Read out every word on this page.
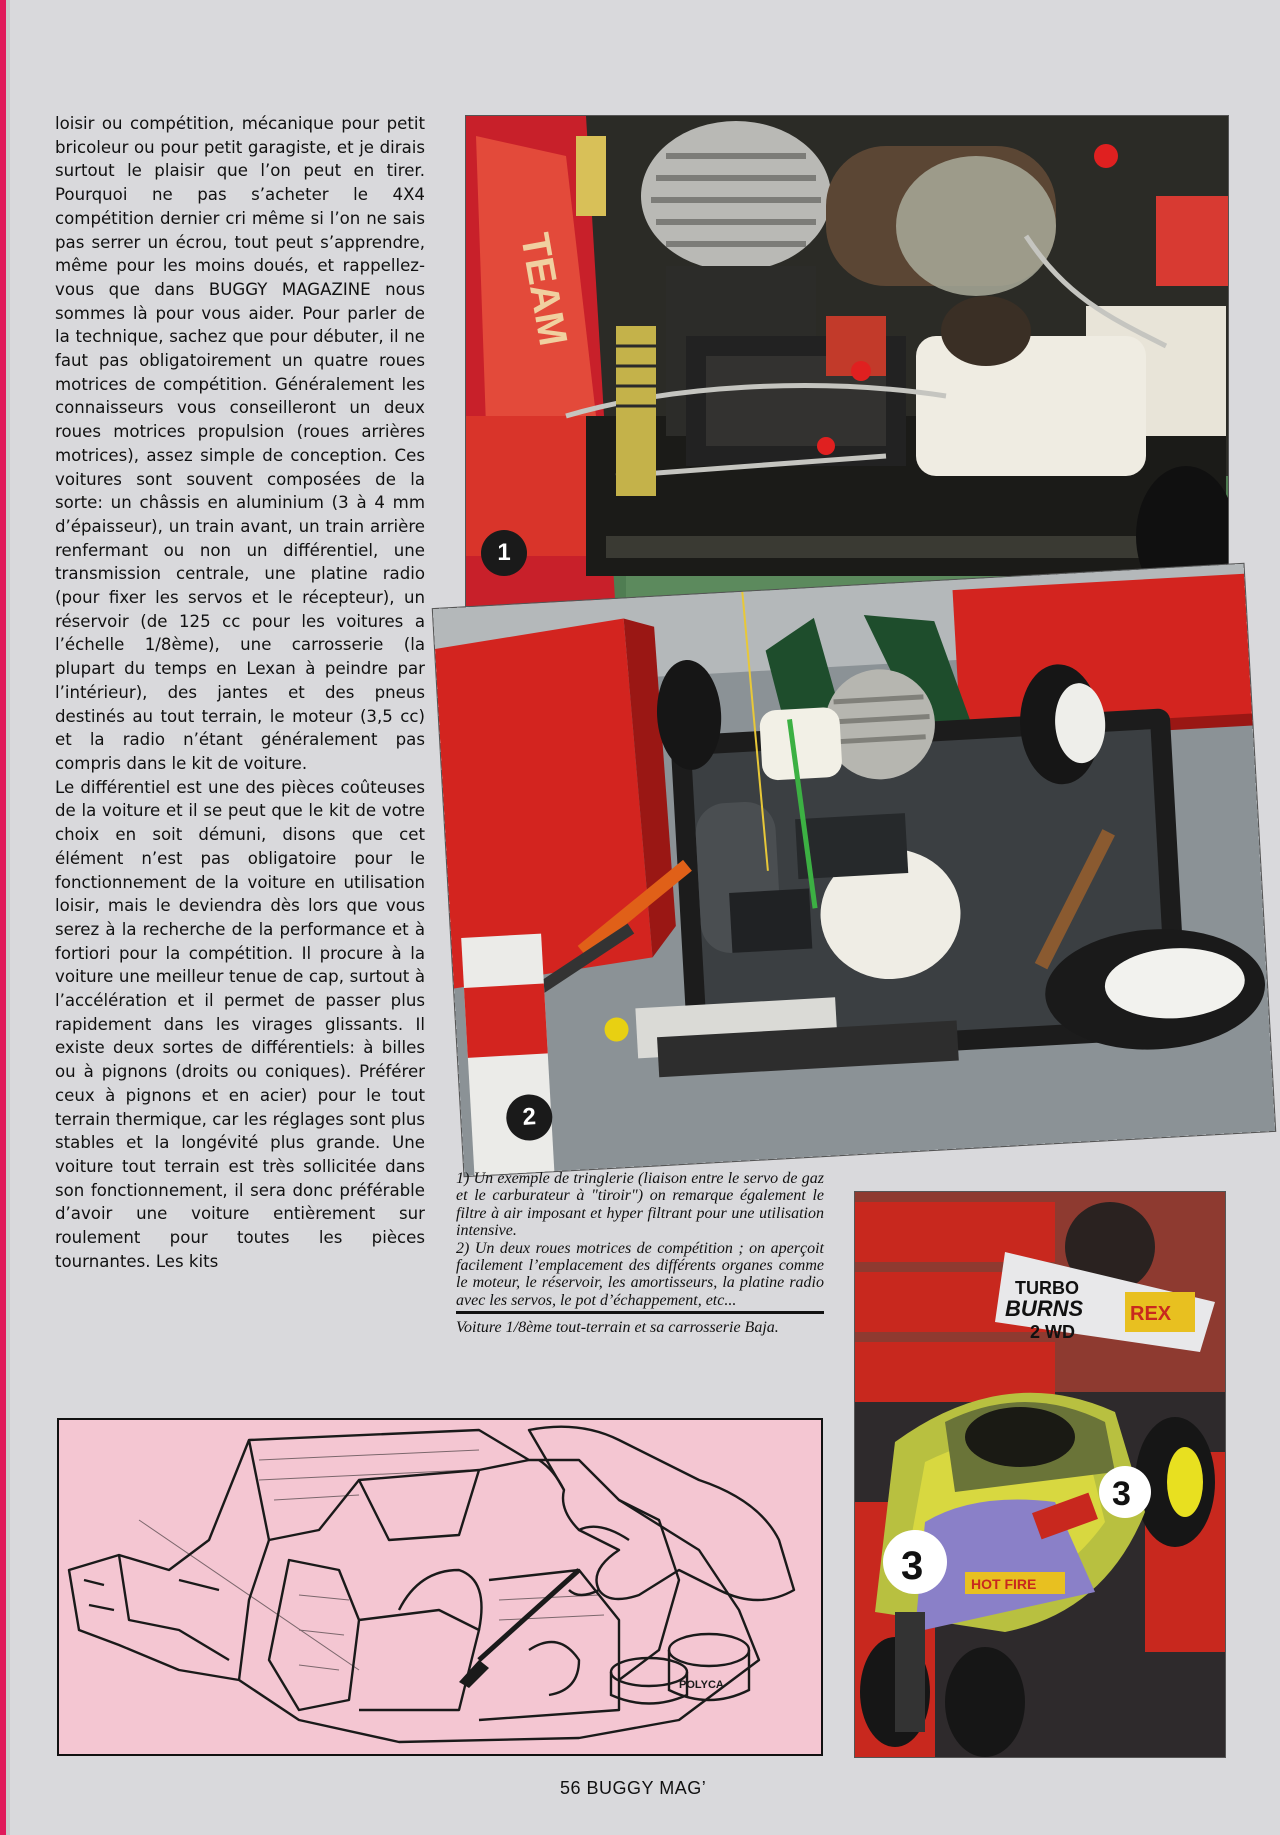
loisir ou compétition, mécanique pour petit bricoleur ou pour petit garagiste, et je dirais surtout le plaisir que l’on peut en tirer. Pourquoi ne pas s’acheter le 4X4 compétition dernier cri même si l’on ne sais pas serrer un écrou, tout peut s’apprendre, même pour les moins doués, et rappellez-vous que dans BUGGY MAGAZINE nous sommes là pour vous aider. Pour parler de la technique, sachez que pour débuter, il ne faut pas obligatoirement un quatre roues motrices de compétition. Généralement les connaisseurs vous conseilleront un deux roues motrices propulsion (roues arrières motrices), assez simple de conception. Ces voitures sont souvent composées de la sorte: un châssis en aluminium (3 à 4 mm d’épaisseur), un train avant, un train arrière renfermant ou non un différentiel, une transmission centrale, une platine radio (pour fixer les servos et le récepteur), un réservoir (de 125 cc pour les voitures a l’échelle 1/8ème), une carrosserie (la plupart du temps en Lexan à peindre par l’intérieur), des jantes et des pneus destinés au tout terrain, le moteur (3,5 cc) et la radio n’étant généralement pas compris dans le kit de voiture.

Le différentiel est une des pièces coûteuses de la voiture et il se peut que le kit de votre choix en soit démuni, disons que cet élément n’est pas obligatoire pour le fonctionnement de la voiture en utilisation loisir, mais le deviendra dès lors que vous serez à la recherche de la performance et à fortiori pour la compétition. Il procure à la voiture une meilleur tenue de cap, surtout à l’accélération et il permet de passer plus rapidement dans les virages glissants. Il existe deux sortes de différentiels: à billes ou à pignons (droits ou coniques). Préférer ceux à pignons et en acier) pour le tout terrain thermique, car les réglages sont plus stables et la longévité plus grande. Une voiture tout terrain est très sollicitée dans son fonctionnement, il sera donc préférable d’avoir une voiture entièrement sur roulement pour toutes les pièces tournantes. Les kits

TEAM
1
2

1) Un exemple de tringlerie (liaison entre le servo de gaz et le carburateur à "tiroir") on remarque également le filtre à air imposant et hyper filtrant pour une utilisation intensive.

2) Un deux roues motrices de compétition ; on aperçoit facilement l’emplacement des différents organes comme le moteur, le réservoir, les amortisseurs, la platine radio avec les servos, le pot d’échappement, etc...

Voiture 1/8ème tout-terrain et sa carrosserie Baja.

TURBO
BURNS
2 WD
REX
3
3	HOT FIRE
POLYCA
56 BUGGY MAG’
